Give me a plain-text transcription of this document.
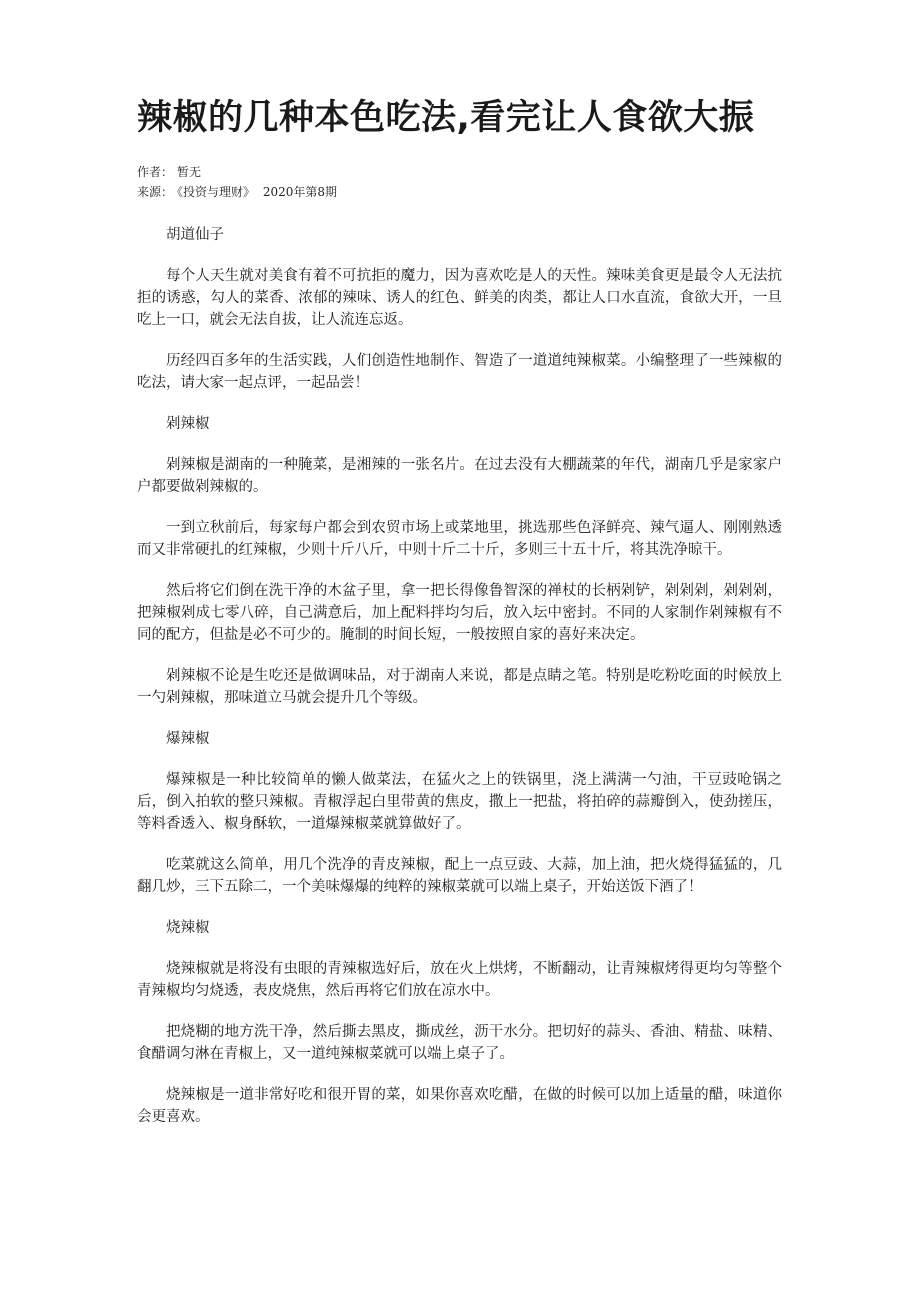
辣椒的几种本色吃法,看完让人食欲大振
作者： 暂无
来源： 《投资与理财》 2020年第8期

胡道仙子

每个人天生就对美食有着不可抗拒的魔力，因为喜欢吃是人的天性。辣味美食更是最令人无法抗拒的诱惑，勾人的菜香、浓郁的辣味、诱人的红色、鲜美的肉类，都让人口水直流，食欲大开，一旦吃上一口，就会无法自拔，让人流连忘返。

历经四百多年的生活实践，人们创造性地制作、智造了一道道纯辣椒菜。小编整理了一些辣椒的吃法，请大家一起点评，一起品尝！

剁辣椒

剁辣椒是湖南的一种腌菜，是湘辣的一张名片。在过去没有大棚蔬菜的年代，湖南几乎是家家户户都要做剁辣椒的。

一到立秋前后，每家每户都会到农贸市场上或菜地里，挑选那些色泽鲜亮、辣气逼人、刚刚熟透而又非常硬扎的红辣椒，少则十斤八斤，中则十斤二十斤，多则三十五十斤，将其洗净晾干。

然后将它们倒在洗干净的木盆子里，拿一把长得像鲁智深的禅杖的长柄剁铲，剁剁剁，剁剁剁，把辣椒剁成七零八碎，自己满意后，加上配料拌均匀后，放入坛中密封。不同的人家制作剁辣椒有不同的配方，但盐是必不可少的。腌制的时间长短，一般按照自家的喜好来决定。

剁辣椒不论是生吃还是做调味品，对于湖南人来说，都是点睛之笔。特别是吃粉吃面的时候放上一勺剁辣椒，那味道立马就会提升几个等级。

爆辣椒

爆辣椒是一种比较简单的懒人做菜法，在猛火之上的铁锅里，浇上满满一勺油，干豆豉呛锅之后，倒入拍软的整只辣椒。青椒浮起白里带黄的焦皮，撒上一把盐，将拍碎的蒜瓣倒入，使劲搓压，等料香透入、椒身酥软，一道爆辣椒菜就算做好了。

吃菜就这么简单，用几个洗净的青皮辣椒，配上一点豆豉、大蒜，加上油，把火烧得猛猛的，几翻几炒，三下五除二，一个美味爆爆的纯粹的辣椒菜就可以端上桌子，开始送饭下酒了！

烧辣椒

烧辣椒就是将没有虫眼的青辣椒选好后，放在火上烘烤，不断翻动，让青辣椒烤得更均匀等整个青辣椒均匀烧透，表皮烧焦，然后再将它们放在凉水中。

把烧糊的地方洗干净，然后撕去黑皮，撕成丝，沥干水分。把切好的蒜头、香油、精盐、味精、食醋调匀淋在青椒上，又一道纯辣椒菜就可以端上桌子了。

烧辣椒是一道非常好吃和很开胃的菜，如果你喜欢吃醋，在做的时候可以加上适量的醋，味道你会更喜欢。
